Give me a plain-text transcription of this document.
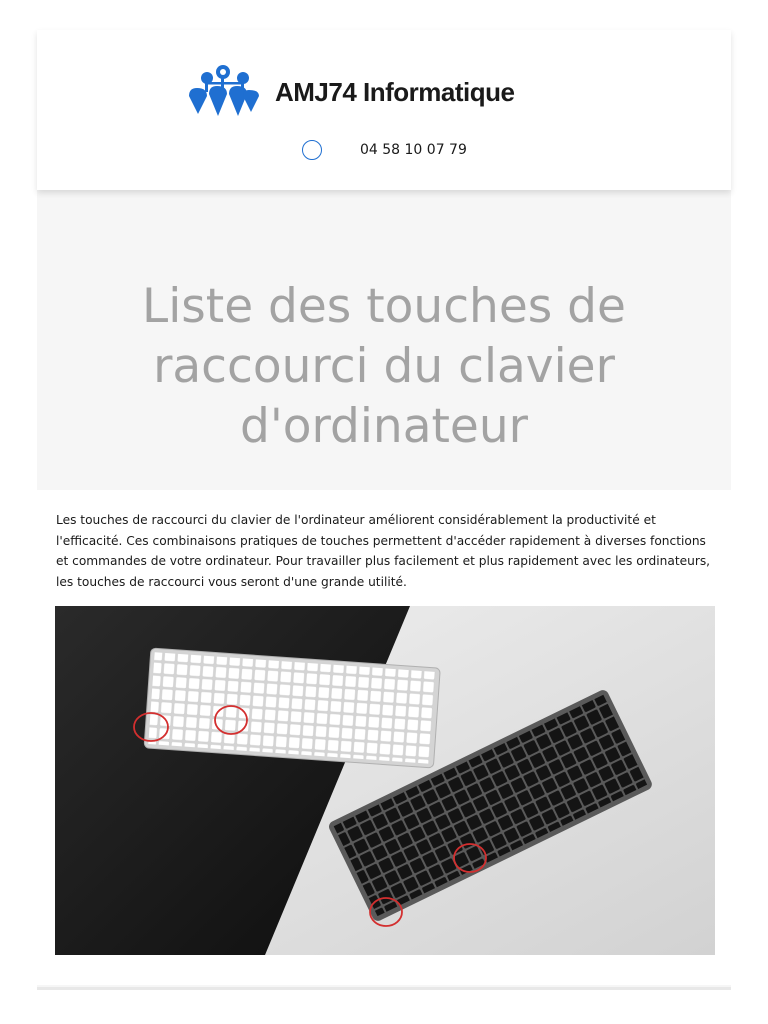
AMJ74 Informatique
04 58 10 07 79
Liste des touches de
raccourci du clavier
d'ordinateur

Les touches de raccourci du clavier de l'ordinateur améliorent considérablement la productivité et l'efficacité. Ces combinaisons pratiques de touches permettent d'accéder rapidement à diverses fonctions et commandes de votre ordinateur. Pour travailler plus facilement et plus rapidement avec les ordinateurs, les touches de raccourci vous seront d'une grande utilité.
